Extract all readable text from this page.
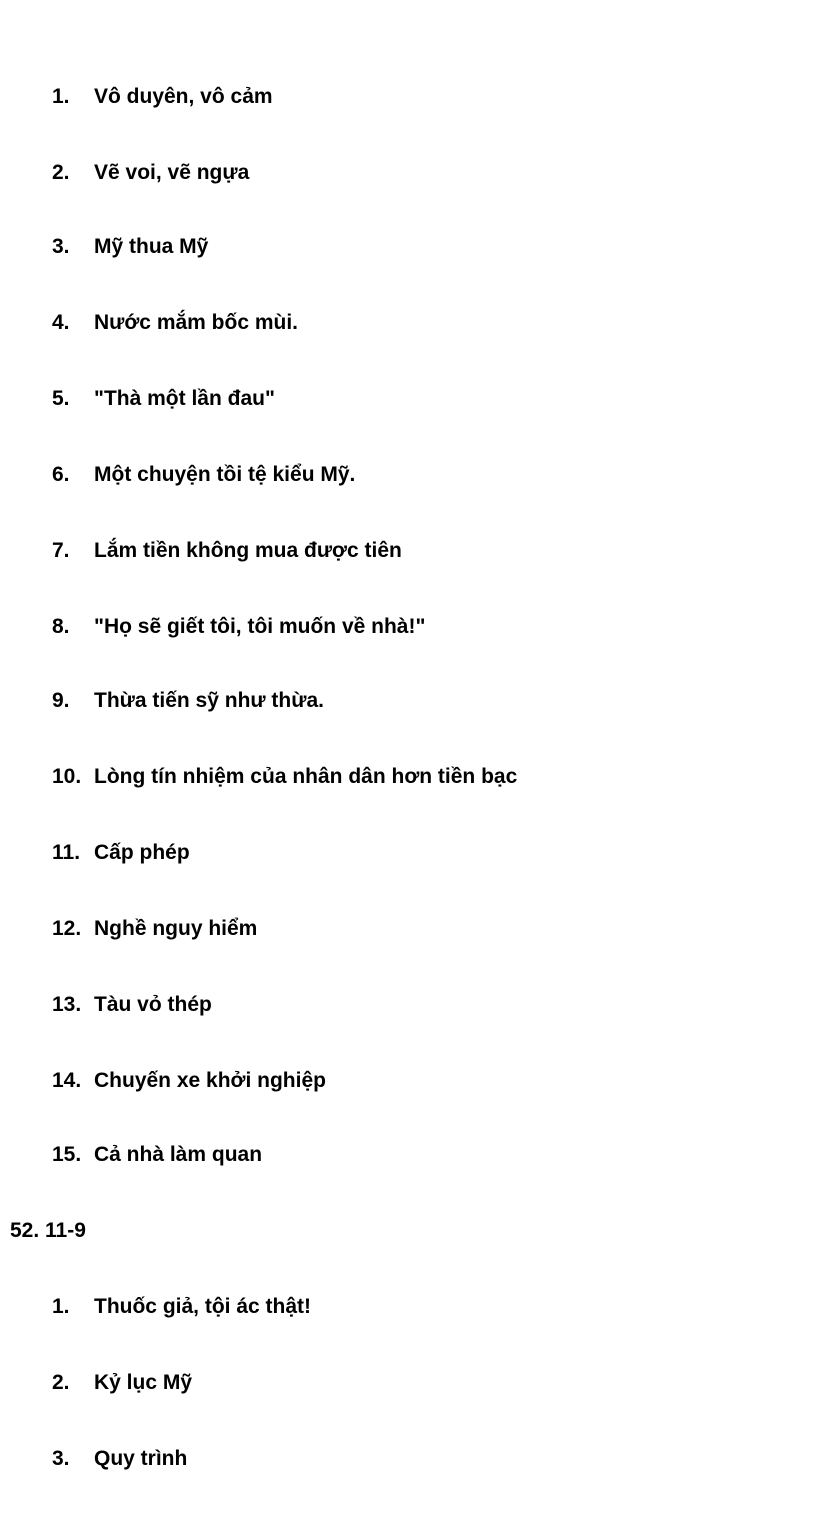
1. Vô duyên, vô cảm
2. Vẽ voi, vẽ ngựa
3. Mỹ thua Mỹ
4. Nước mắm bốc mùi.
5. "Thà một lần đau"
6. Một chuyện tồi tệ kiểu Mỹ.
7. Lắm tiền không mua được tiên
8. "Họ sẽ giết tôi, tôi muốn về nhà!"
9. Thừa tiến sỹ như thừa.
10. Lòng tín nhiệm của nhân dân hơn tiền bạc
11. Cấp phép
12. Nghề nguy hiểm
13. Tàu vỏ thép
14. Chuyến xe khởi nghiệp
15. Cả nhà làm quan
52. 11-9
1. Thuốc giả, tội ác thật!
2. Kỷ lục Mỹ
3. Quy trình
